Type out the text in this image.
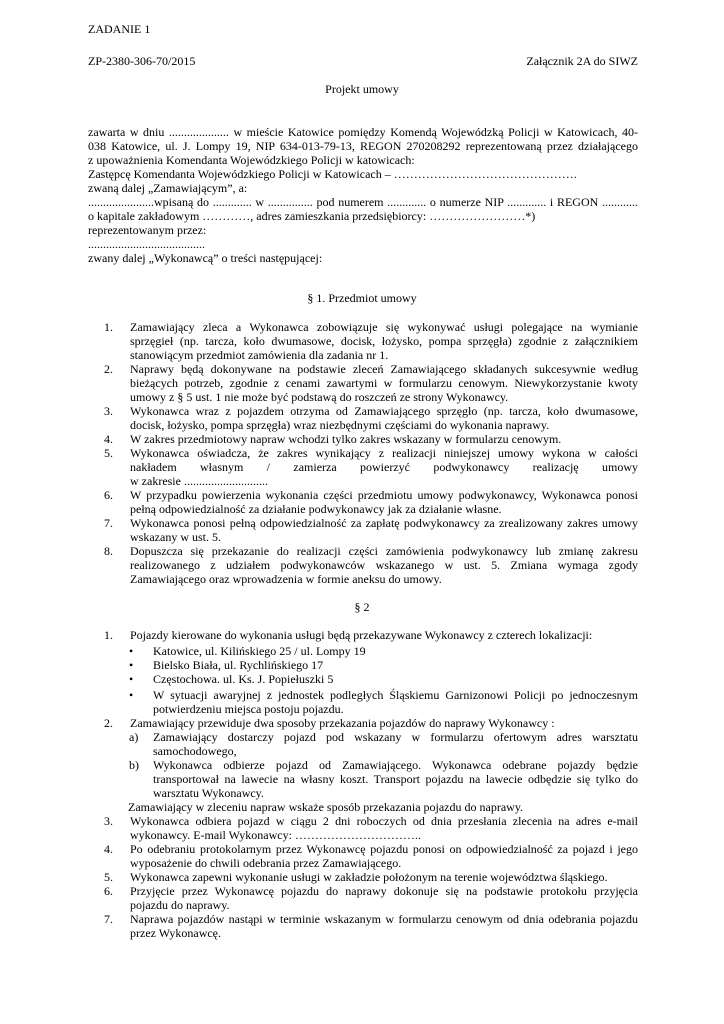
ZADANIE 1
ZP-2380-306-70/2015	Załącznik 2A do SIWZ
Projekt umowy
zawarta w dniu .................... w mieście Katowice pomiędzy Komendą Wojewódzką Policji w Katowicach, 40-
038 Katowice, ul. J. Lompy 19, NIP 634-013-79-13, REGON 270208292 reprezentowaną przez działającego
z upoważnienia Komendanta Wojewódzkiego Policji w katowicach:
Zastępcę Komendanta Wojewódzkiego Policji w Katowicach – ……………………………………….
zwaną dalej „Zamawiającym”, a:
......................wpisaną do ............. w ............... pod numerem ............. o numerze NIP ............. i REGON ............
o kapitale zakładowym …………, adres zamieszkania przedsiębiorcy: ……………………*)
reprezentowanym przez:
.......................................
zwany dalej „Wykonawcą” o treści następującej:
§ 1. Przedmiot umowy
1. Zamawiający zleca a Wykonawca zobowiązuje się wykonywać usługi polegające na wymianie
sprzęgieł (np. tarcza, koło dwumasowe, docisk, łożysko, pompa sprzęgła) zgodnie z załącznikiem
stanowiącym przedmiot zamówienia dla zadania nr 1.
2. Naprawy będą dokonywane na podstawie zleceń Zamawiającego składanych sukcesywnie według
bieżących potrzeb, zgodnie z cenami zawartymi w formularzu cenowym. Niewykorzystanie kwoty
umowy z § 5 ust. 1 nie może być podstawą do roszczeń ze strony Wykonawcy.
3. Wykonawca wraz z pojazdem otrzyma od Zamawiającego sprzęgło (np. tarcza, koło dwumasowe,
docisk, łożysko, pompa sprzęgła) wraz niezbędnymi częściami do wykonania naprawy.
4. W zakres przedmiotowy napraw wchodzi tylko zakres wskazany w formularzu cenowym.
5. Wykonawca oświadcza, że zakres wynikający z realizacji niniejszej umowy wykona w całości
nakładem własnym / zamierza powierzyć podwykonawcy realizację umowy
w zakresie ............................
6. W przypadku powierzenia wykonania części przedmiotu umowy podwykonawcy, Wykonawca ponosi
pełną odpowiedzialność za działanie podwykonawcy jak za działanie własne.
7. Wykonawca ponosi pełną odpowiedzialność za zapłatę podwykonawcy za zrealizowany zakres umowy
wskazany w ust. 5.
8. Dopuszcza się przekazanie do realizacji części zamówienia podwykonawcy lub zmianę zakresu
realizowanego z udziałem podwykonawców wskazanego w ust. 5. Zmiana wymaga zgody
Zamawiającego oraz wprowadzenia w formie aneksu do umowy.
§ 2
1. Pojazdy kierowane do wykonania usługi będą przekazywane Wykonawcy z czterech lokalizacji:
• Katowice, ul. Kilińskiego 25 / ul. Lompy 19
• Bielsko Biała, ul. Rychlińskiego 17
• Częstochowa. ul. Ks. J. Popiełuszki 5
• W sytuacji awaryjnej z jednostek podległych Śląskiemu Garnizonowi Policji po jednoczesnym
potwierdzeniu miejsca postoju pojazdu.
2. Zamawiający przewiduje dwa sposoby przekazania pojazdów do naprawy Wykonawcy :
a) Zamawiający dostarczy pojazd pod wskazany w formularzu ofertowym adres warsztatu
samochodowego,
b) Wykonawca odbierze pojazd od Zamawiającego. Wykonawca odebrane pojazdy będzie
transportował na lawecie na własny koszt. Transport pojazdu na lawecie odbędzie się tylko do
warsztatu Wykonawcy.
Zamawiający w zleceniu napraw wskaże sposób przekazania pojazdu do naprawy.
3. Wykonawca odbiera pojazd w ciągu 2 dni roboczych od dnia przesłania zlecenia na adres e-mail
wykonawcy. E-mail Wykonawcy: …………………………..
4. Po odebraniu protokolarnym przez Wykonawcę pojazdu ponosi on odpowiedzialność za pojazd i jego
wyposażenie do chwili odebrania przez Zamawiającego.
5. Wykonawca zapewni wykonanie usługi w zakładzie położonym na terenie województwa śląskiego.
6. Przyjęcie przez Wykonawcę pojazdu do naprawy dokonuje się na podstawie protokołu przyjęcia
pojazdu do naprawy.
7. Naprawa pojazdów nastąpi w terminie wskazanym w formularzu cenowym od dnia odebrania pojazdu
przez Wykonawcę.
